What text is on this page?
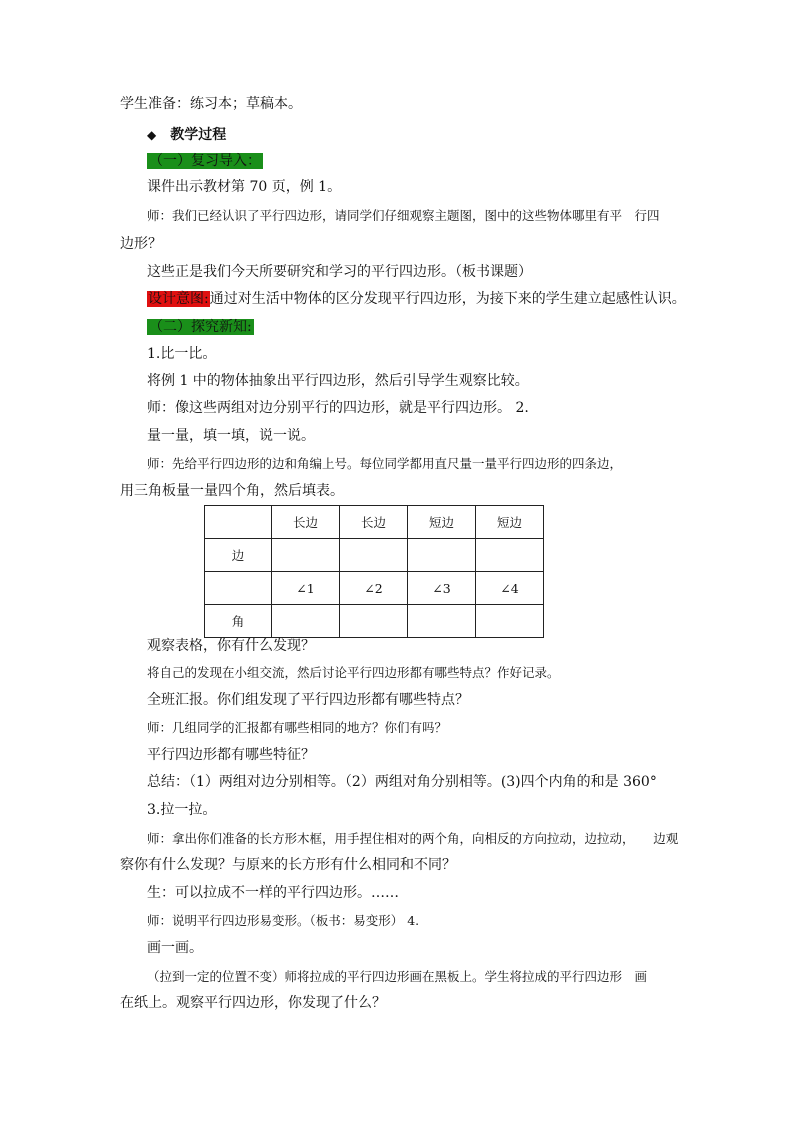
学生准备：练习本；草稿本。
◆ 教学过程
（一）复习导入：
课件出示教材第 70 页，例 1。
师：我们已经认识了平行四边形，请同学们仔细观察主题图，图中的这些物体哪里有平　行四
边形？
这些正是我们今天所要研究和学习的平行四边形。（板书课题）
设计意图:通过对生活中物体的区分发现平行四边形，为接下来的学生建立起感性认识。
（二）探究新知:
1.比一比。
将例 1 中的物体抽象出平行四边形，然后引导学生观察比较。
师：像这些两组对边分别平行的四边形，就是平行四边形。 2.
量一量，填一填，说一说。
师：先给平行四边形的边和角编上号。每位同学都用直尺量一量平行四边形的四条边，
用三角板量一量四个角，然后填表。
	长边	长边	短边	短边
边				
	∠1	∠2	∠3	∠4
角				
观察表格，你有什么发现？
将自己的发现在小组交流，然后讨论平行四边形都有哪些特点？作好记录。
全班汇报。你们组发现了平行四边形都有哪些特点？
师：几组同学的汇报都有哪些相同的地方？你们有吗？
平行四边形都有哪些特征？
总结：（1）两组对边分别相等。（2）两组对角分别相等。(3)四个内角的和是 360°
3.拉一拉。
师：拿出你们准备的长方形木框，用手捏住相对的两个角，向相反的方向拉动，边拉动，　　边观
察你有什么发现？与原来的长方形有什么相同和不同？
生：可以拉成不一样的平行四边形。……
师：说明平行四边形易变形。（板书：易变形） 4.
画一画。
（拉到一定的位置不变）师将拉成的平行四边形画在黑板上。学生将拉成的平行四边形　画
在纸上。观察平行四边形，你发现了什么？
